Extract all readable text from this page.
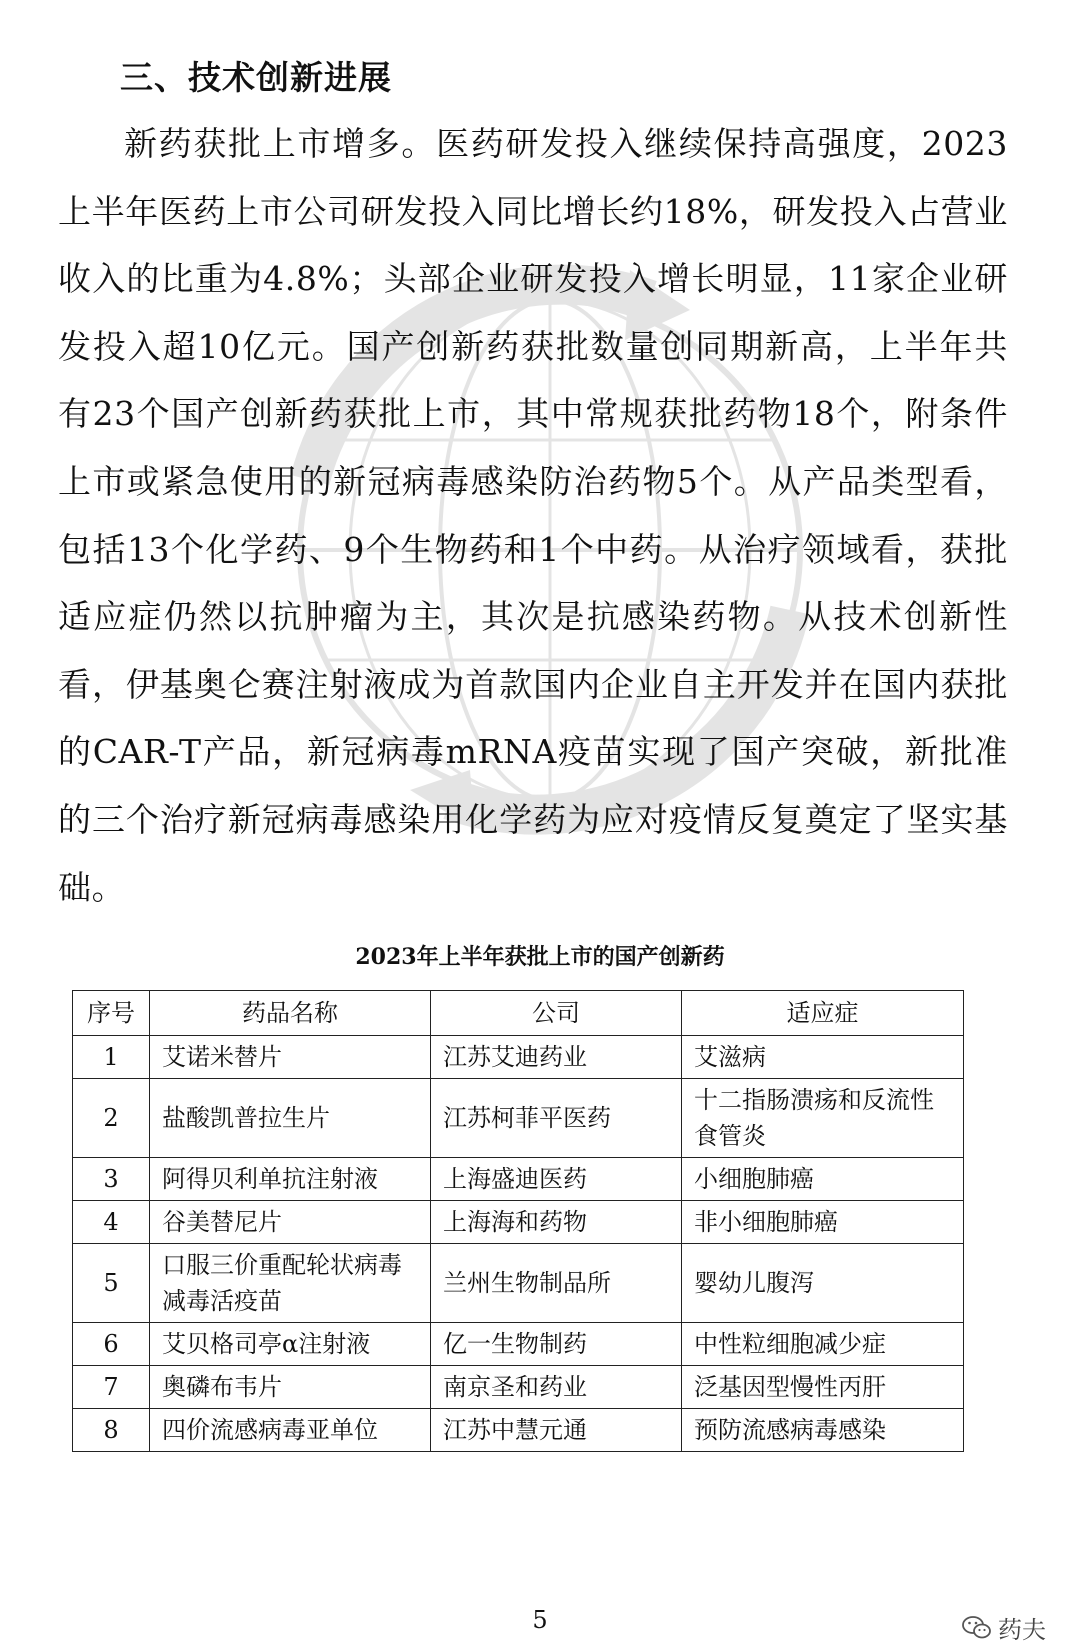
三、技术创新进展

新药获批上市增多。医药研发投入继续保持高强度，2023上半年医药上市公司研发投入同比增长约18%，研发投入占营业收入的比重为4.8%；头部企业研发投入增长明显，11家企业研发投入超10亿元。国产创新药获批数量创同期新高，上半年共有23个国产创新药获批上市，其中常规获批药物18个，附条件上市或紧急使用的新冠病毒感染防治药物5个。从产品类型看，包括13个化学药、9个生物药和1个中药。从治疗领域看，获批适应症仍然以抗肿瘤为主，其次是抗感染药物。从技术创新性看，伊基奥仑赛注射液成为首款国内企业自主开发并在国内获批的CAR-T产品，新冠病毒mRNA疫苗实现了国产突破，新批准的三个治疗新冠病毒感染用化学药为应对疫情反复奠定了坚实基础。

2023年上半年获批上市的国产创新药

序号	药品名称	公司	适应症
1	艾诺米替片	江苏艾迪药业	艾滋病
2	盐酸凯普拉生片	江苏柯菲平医药	十二指肠溃疡和反流性食管炎
3	阿得贝利单抗注射液	上海盛迪医药	小细胞肺癌
4	谷美替尼片	上海海和药物	非小细胞肺癌
5	口服三价重配轮状病毒减毒活疫苗	兰州生物制品所	婴幼儿腹泻
6	艾贝格司亭α注射液	亿一生物制药	中性粒细胞减少症
7	奥磷布韦片	南京圣和药业	泛基因型慢性丙肝
8	四价流感病毒亚单位	江苏中慧元通	预防流感病毒感染

5	药夫
